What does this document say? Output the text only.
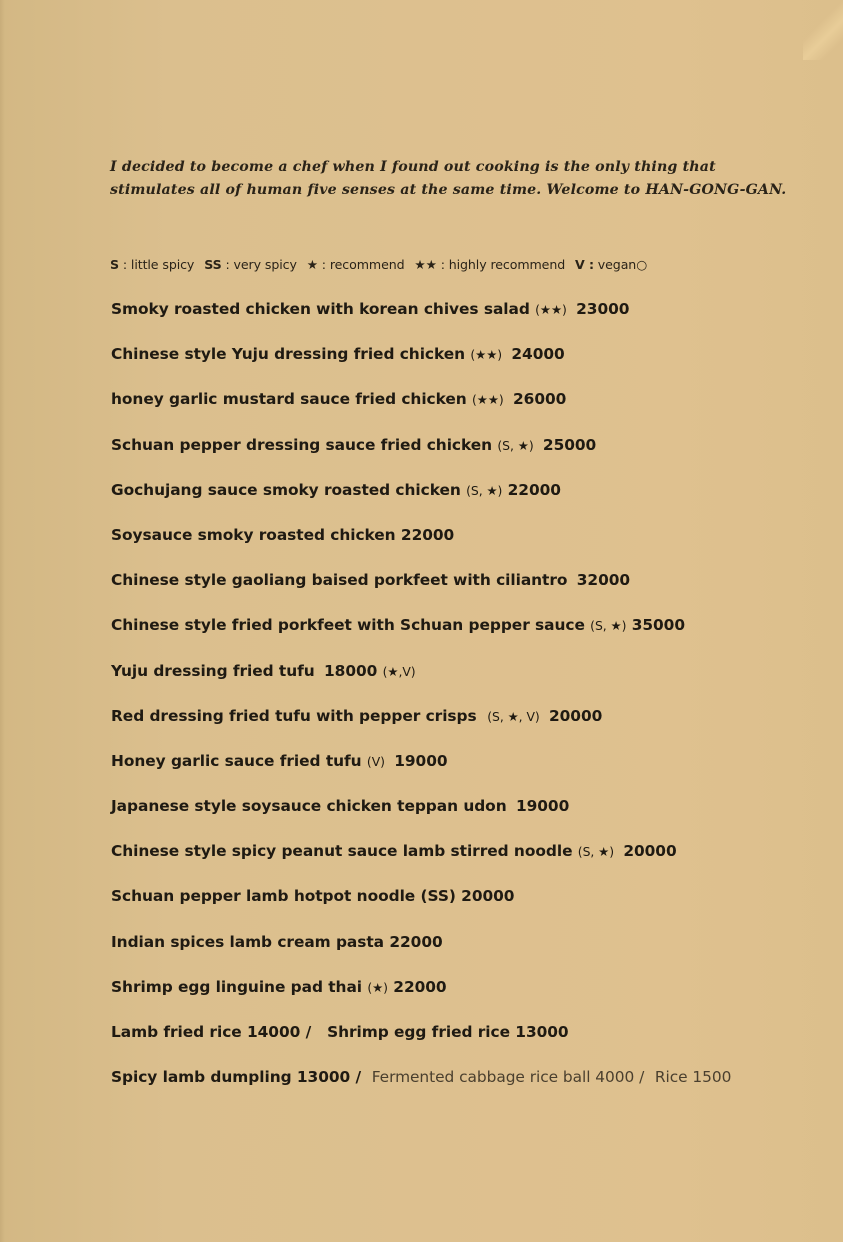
I decided to become a chef when I found out cooking is the only thing that
stimulates all of human five senses at the same time. Welcome to HAN-GONG-GAN.
S : little spicy SS : very spicy ★ : recommend ★★ : highly recommend V : vegan○
Smoky roasted chicken with korean chives salad (★★) 23000
Chinese style Yuju dressing fried chicken (★★) 24000
honey garlic mustard sauce fried chicken (★★) 26000
Schuan pepper dressing sauce fried chicken (S, ★) 25000
Gochujang sauce smoky roasted chicken (S, ★) 22000
Soysauce smoky roasted chicken 22000
Chinese style gaoliang baised porkfeet with ciliantro 32000
Chinese style fried porkfeet with Schuan pepper sauce (S, ★) 35000
Yuju dressing fried tufu 18000 (★,V)
Red dressing fried tufu with pepper crisps (S, ★, V) 20000
Honey garlic sauce fried tufu (V) 19000
Japanese style soysauce chicken teppan udon 19000
Chinese style spicy peanut sauce lamb stirred noodle (S, ★) 20000
Schuan pepper lamb hotpot noodle (SS) 20000
Indian spices lamb cream pasta 22000
Shrimp egg linguine pad thai (★) 22000
Lamb fried rice 14000 / Shrimp egg fried rice 13000
Spicy lamb dumpling 13000 / Fermented cabbage rice ball 4000 / Rice 1500
